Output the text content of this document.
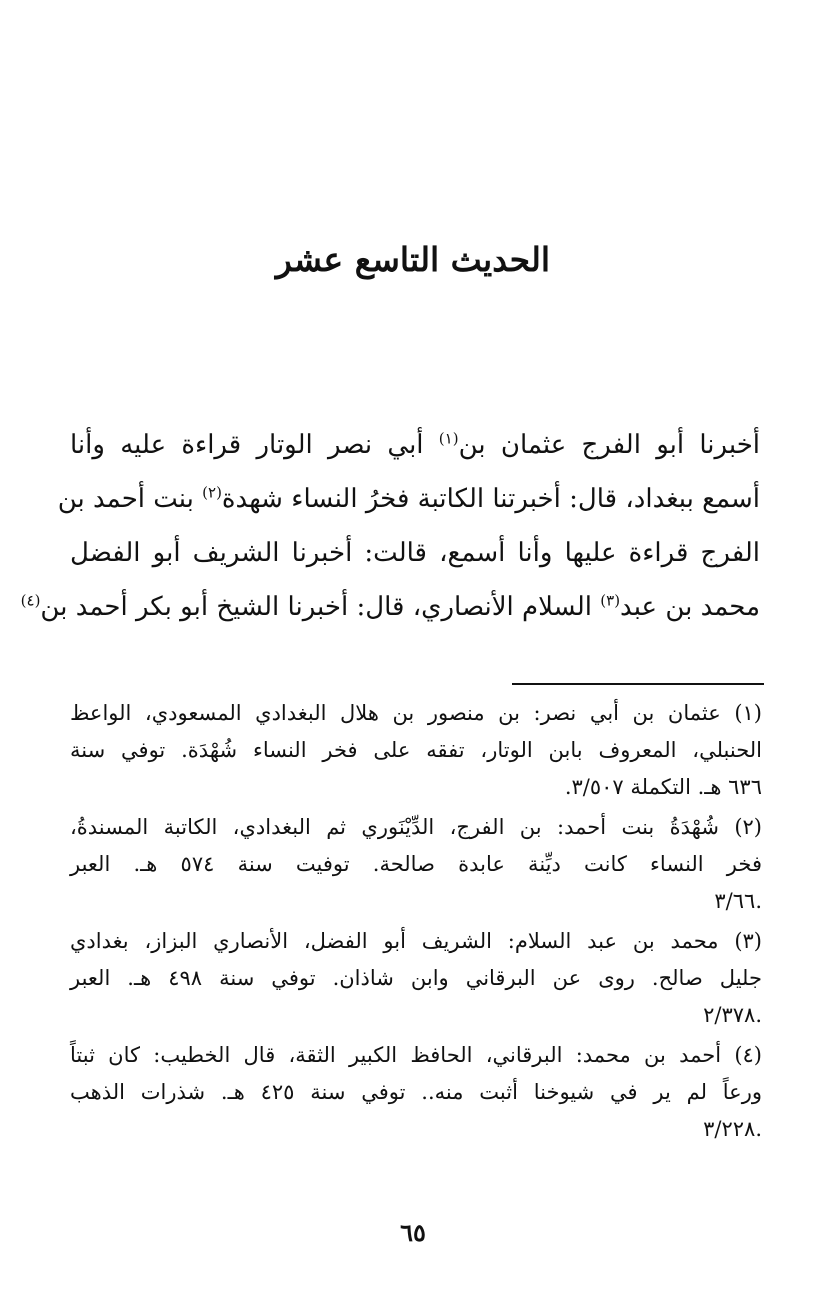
الحديث التاسع عشر
أخبرنا أبو الفرج عثمان بن$^{(١)}$ أبي نصر الوتار قراءة عليه وأنا
أسمع ببغداد، قال: أخبرتنا الكاتبة فخرُ النساء شهدة$^{(٢)}$ بنت أحمد بن
الفرج قراءة عليها وأنا أسمع، قالت: أخبرنا الشريف أبو الفضل
محمد بن عبد$^{(٣)}$ السلام الأنصاري، قال: أخبرنا الشيخ أبو بكر أحمد بن$^{(٤)}$
(١) عثمان بن أبي نصر: بن منصور بن هلال البغدادي المسعودي، الواعظ
الحنبلي، المعروف بابن الوتار، تفقه على فخر النساء شُهْدَة. توفي سنة
٦٣٦ هـ. التكملة ٣/٥٠٧.
(٢) شُهْدَةُ بنت أحمد: بن الفرج، الدِّيْنَوري ثم البغدادي، الكاتبة المسندةُ،
فخر النساء كانت ديِّنة عابدة صالحة. توفيت سنة ٥٧٤ هـ. العبر
.٣/٦٦
(٣) محمد بن عبد السلام: الشريف أبو الفضل، الأنصاري البزاز، بغدادي
جليل صالح. روى عن البرقاني وابن شاذان. توفي سنة ٤٩٨ هـ. العبر
.٢/٣٧٨
(٤) أحمد بن محمد: البرقاني، الحافظ الكبير الثقة، قال الخطيب: كان ثبتاً
ورعاً لم ير في شيوخنا أثبت منه.. توفي سنة ٤٢٥ هـ. شذرات الذهب
.٣/٢٢٨
٦٥
